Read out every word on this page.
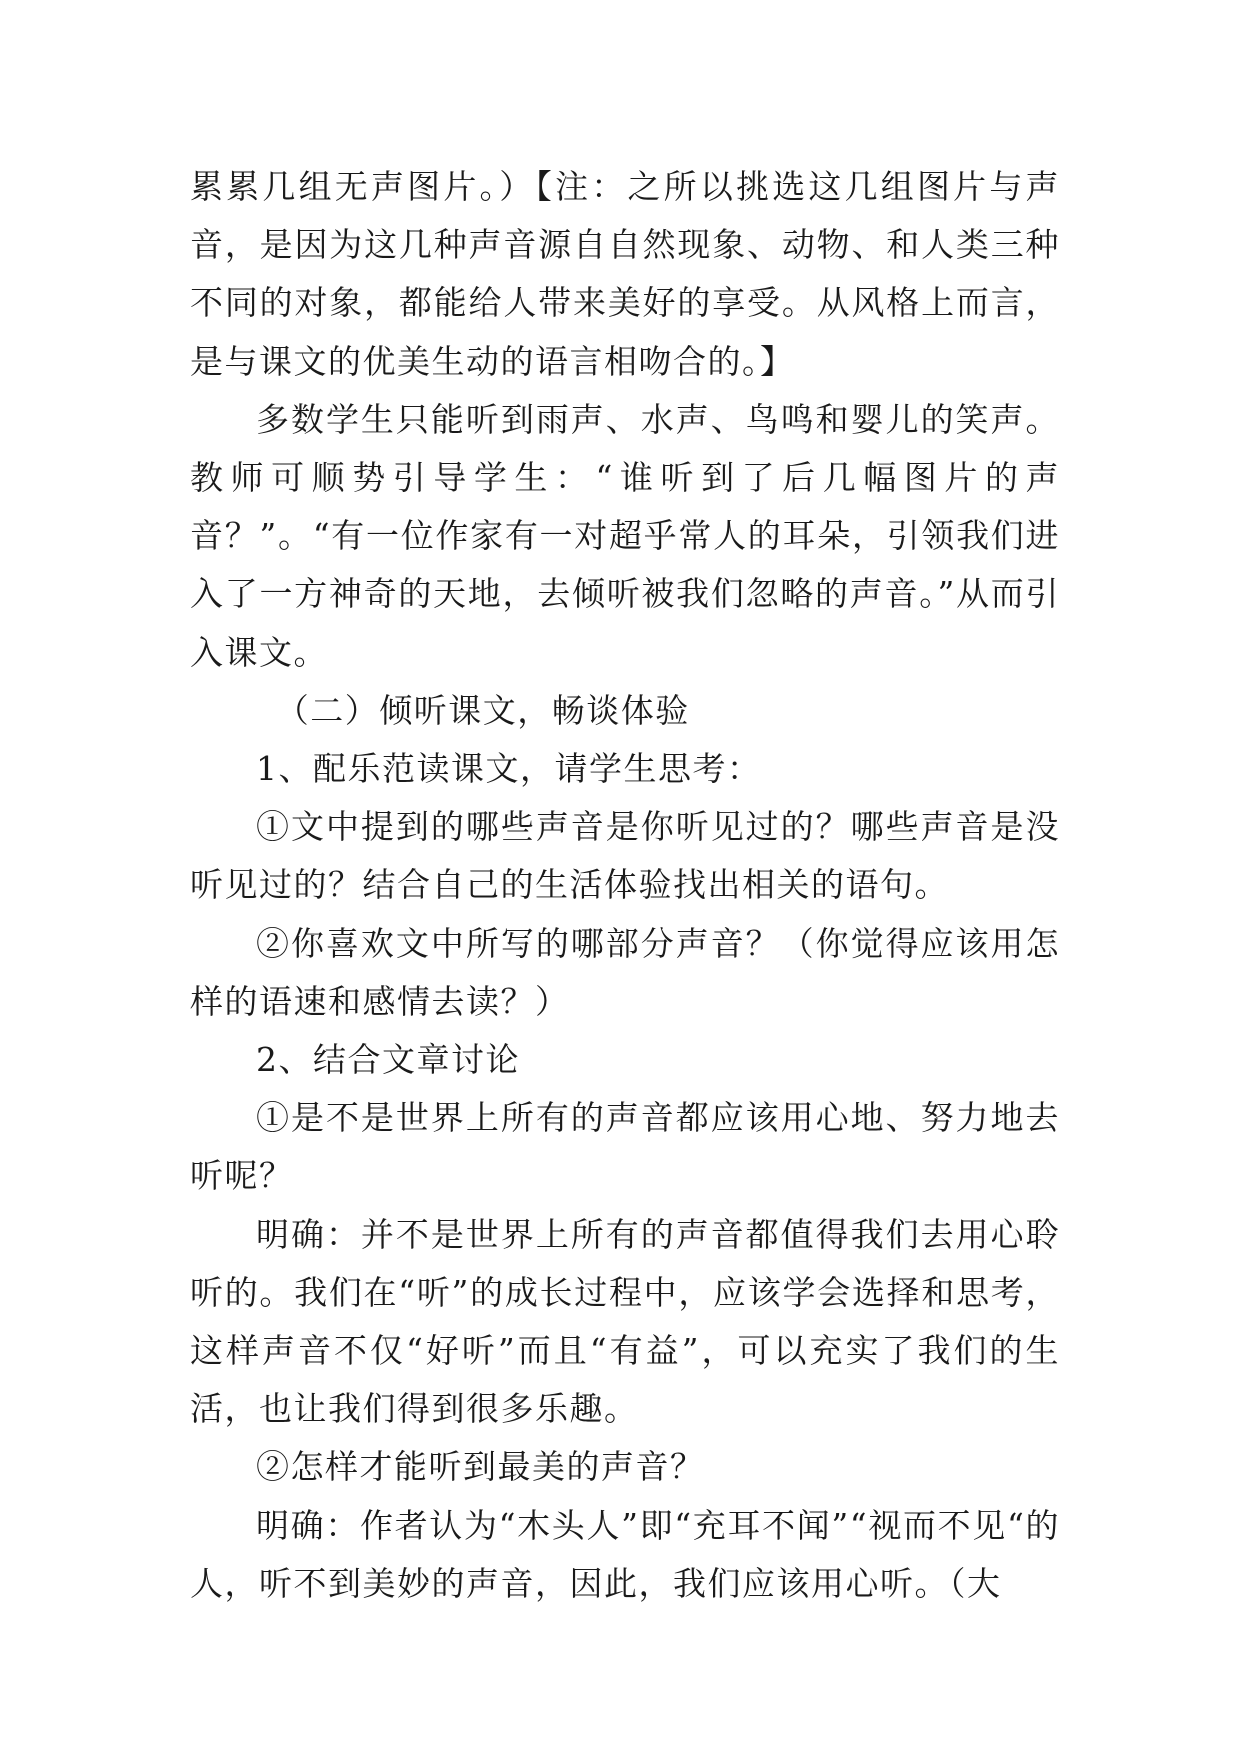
累累几组无声图片。）【注：之所以挑选这几组图片与声音，是因为这几种声音源自自然现象、动物、和人类三种不同的对象，都能给人带来美好的享受。从风格上而言，是与课文的优美生动的语言相吻合的。】

多数学生只能听到雨声、水声、鸟鸣和婴儿的笑声。教师可顺势引导学生：“谁听到了后几幅图片的声音？”。“有一位作家有一对超乎常人的耳朵，引领我们进入了一方神奇的天地，去倾听被我们忽略的声音。”从而引入课文。

（二）倾听课文，畅谈体验

1、配乐范读课文，请学生思考：

①文中提到的哪些声音是你听见过的？哪些声音是没听见过的？结合自己的生活体验找出相关的语句。

②你喜欢文中所写的哪部分声音？（你觉得应该用怎样的语速和感情去读？）

2、结合文章讨论

①是不是世界上所有的声音都应该用心地、努力地去听呢？

明确：并不是世界上所有的声音都值得我们去用心聆听的。我们在“听”的成长过程中，应该学会选择和思考，这样声音不仅“好听”而且“有益”，可以充实了我们的生活，也让我们得到很多乐趣。

②怎样才能听到最美的声音？

明确：作者认为“木头人”即“充耳不闻”“视而不见“的人，听不到美妙的声音，因此，我们应该用心听。（大
